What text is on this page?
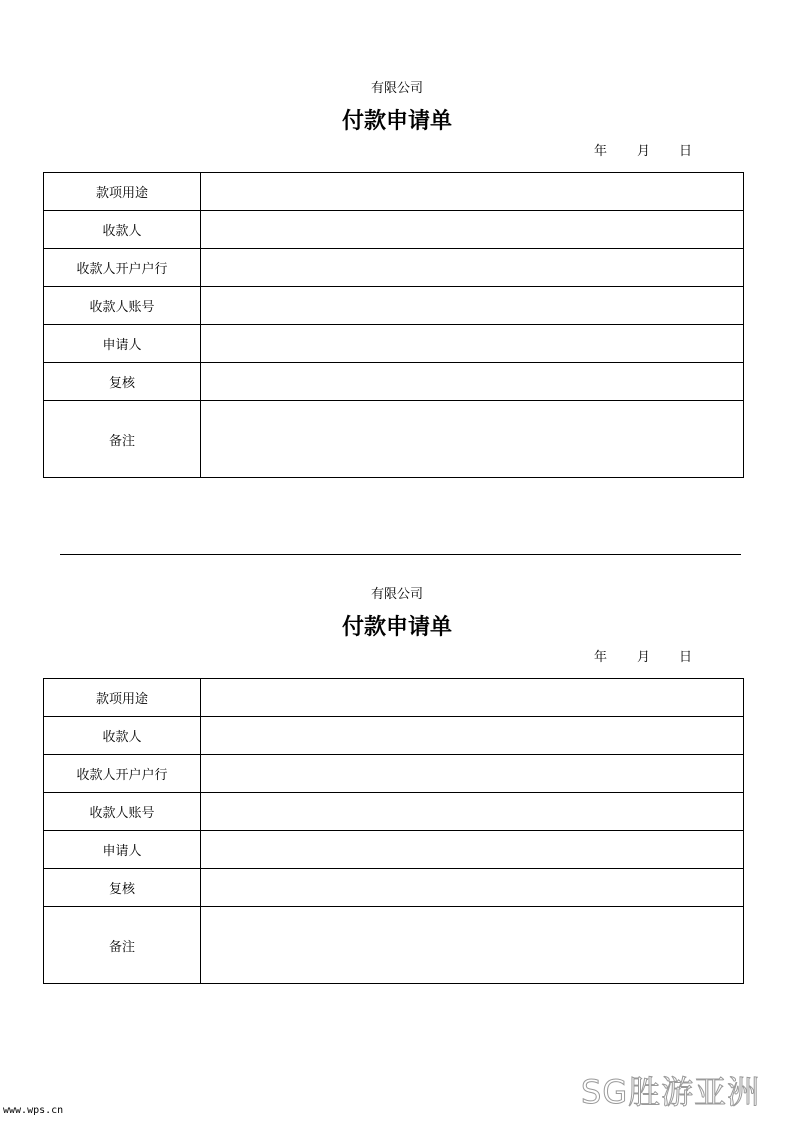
有限公司
付款申请单
年 月 日
款项用途	
收款人	
收款人开户户行	
收款人账号	
申请人	
复核	
备注	
有限公司
付款申请单
年 月 日
款项用途	
收款人	
收款人开户户行	
收款人账号	
申请人	
复核	
备注	
www.wps.cn	SG胜游亚洲
